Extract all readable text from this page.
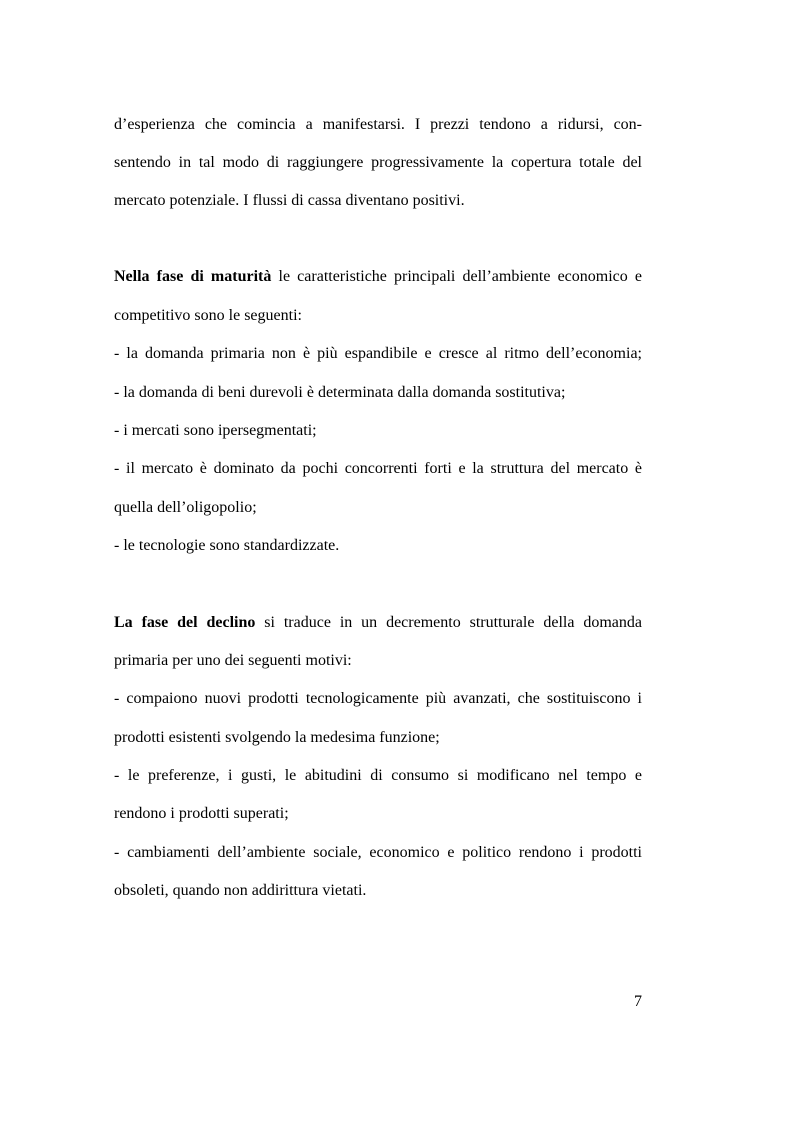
d’esperienza che comincia a manifestarsi. I prezzi tendono a ridursi, con-
sentendo in tal modo di raggiungere progressivamente la copertura totale del
mercato potenziale. I flussi di cassa diventano positivi.
Nella fase di maturità le caratteristiche principali dell’ambiente economico e
competitivo sono le seguenti:
- la domanda primaria non è più espandibile e cresce al ritmo dell’economia;
- la domanda di beni durevoli è determinata dalla domanda sostitutiva;
- i mercati sono ipersegmentati;
- il mercato è dominato da pochi concorrenti forti e la struttura del mercato è
quella dell’oligopolio;
- le tecnologie sono standardizzate.
La fase del declino si traduce in un decremento strutturale della domanda
primaria per uno dei seguenti motivi:
- compaiono nuovi prodotti tecnologicamente più avanzati, che sostituiscono i
prodotti esistenti svolgendo la medesima funzione;
- le preferenze, i gusti, le abitudini di consumo si modificano nel tempo e
rendono i prodotti superati;
- cambiamenti dell’ambiente sociale, economico e politico rendono i prodotti
obsoleti, quando non addirittura vietati.
7
